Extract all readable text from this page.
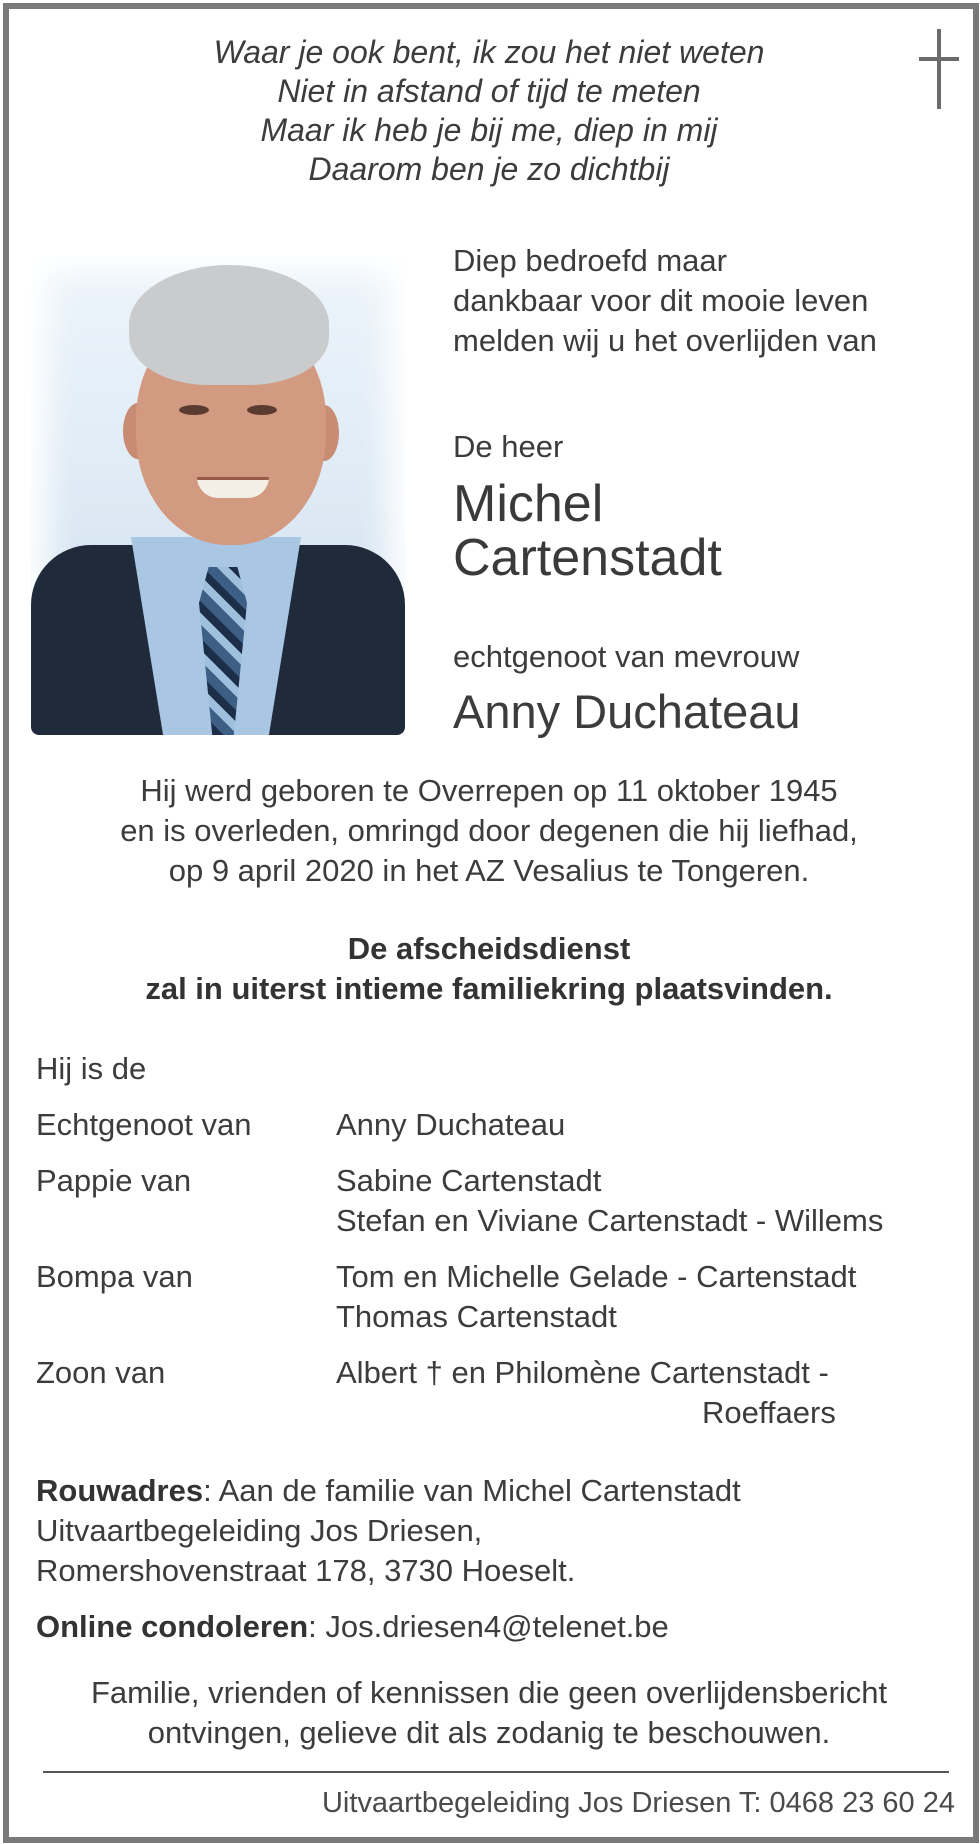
Waar je ook bent, ik zou het niet weten
Niet in afstand of tijd te meten
Maar ik heb je bij me, diep in mij
Daarom ben je zo dichtbij
Diep bedroefd maar
dankbaar voor dit mooie leven
melden wij u het overlijden van
De heer
Michel
Cartenstadt
echtgenoot van mevrouw
Anny Duchateau
Hij werd geboren te Overrepen op 11 oktober 1945
en is overleden, omringd door degenen die hij liefhad,
op 9 april 2020 in het AZ Vesalius te Tongeren.
De afscheidsdienst
zal in uiterst intieme familiekring plaatsvinden.
Hij is de
Echtgenoot van	Anny Duchateau
Pappie van	Sabine Cartenstadt
Stefan en Viviane Cartenstadt - Willems
Bompa van	Tom en Michelle Gelade - Cartenstadt
Thomas Cartenstadt
Zoon van	Albert † en Philomène Cartenstadt -
Roeffaers
Rouwadres: Aan de familie van Michel Cartenstadt
Uitvaartbegeleiding Jos Driesen,
Romershovenstraat 178, 3730 Hoeselt.
Online condoleren: Jos.driesen4@telenet.be
Familie, vrienden of kennissen die geen overlijdensbericht
ontvingen, gelieve dit als zodanig te beschouwen.
Uitvaartbegeleiding Jos Driesen T: 0468 23 60 24
